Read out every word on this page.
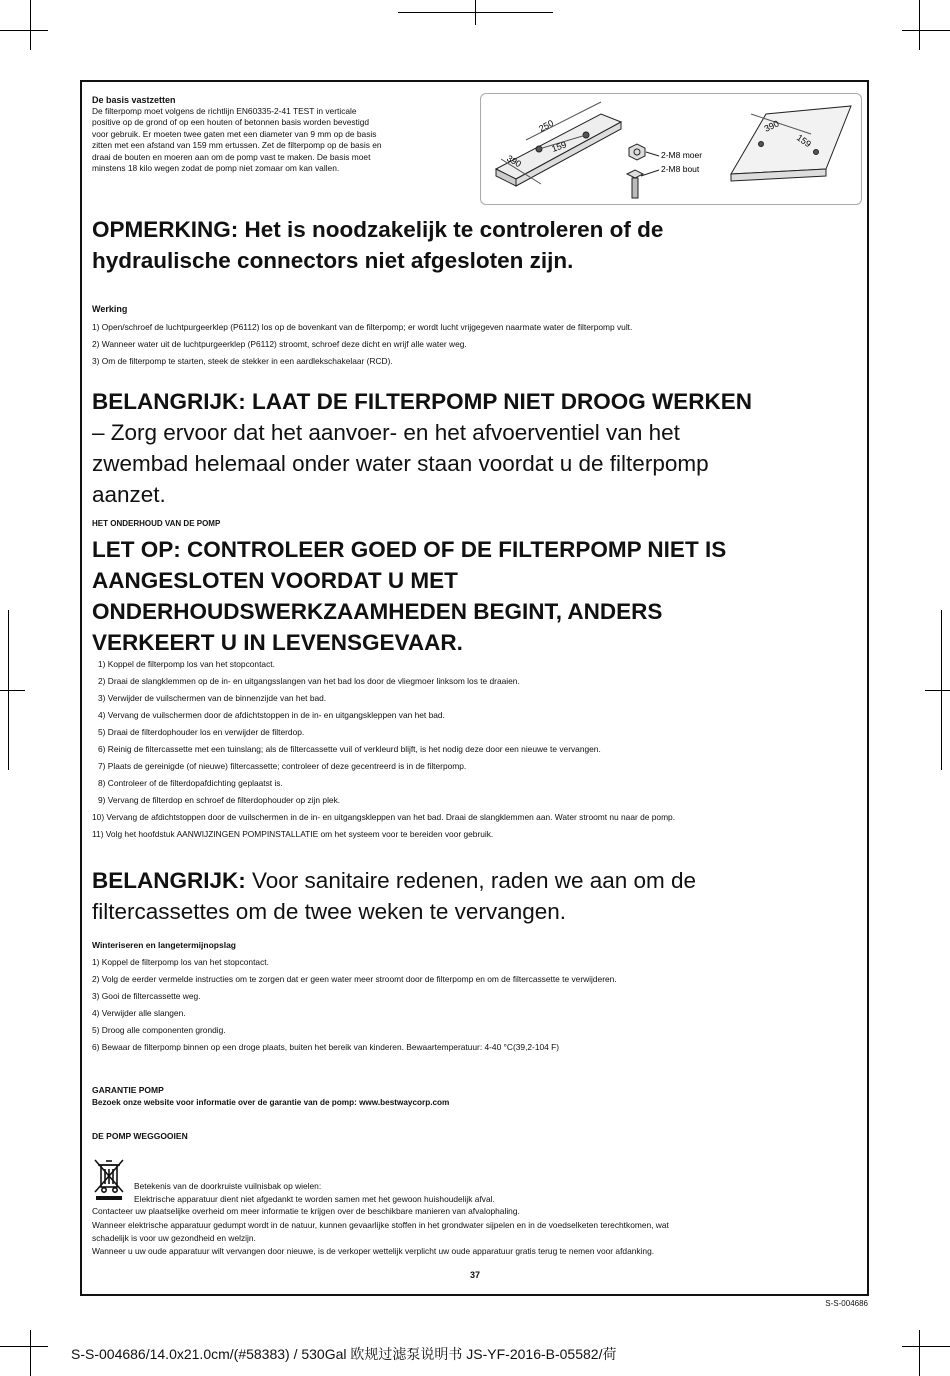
De basis vastzetten
De filterpomp moet volgens de richtlijn EN60335-2-41 TEST in verticale
positive op de grond of op een houten of betonnen basis worden bevestigd
voor gebruik. Er moeten twee gaten met een diameter van 9 mm op de basis
zitten met een afstand van 159 mm ertussen. Zet de filterpomp op de basis en
draai de bouten en moeren aan om de pomp vast te maken. De basis moet
minstens 18 kilo wegen zodat de pomp niet zomaar om kan vallen.
250
390
159
2-M8 moer
2-M8 bout
390
159
OPMERKING: Het is noodzakelijk te controleren of de
hydraulische connectors niet afgesloten zijn.
Werking
1) Open/schroef de luchtpurgeerklep (P6112) los op de bovenkant van de filterpomp; er wordt lucht vrijgegeven naarmate water de filterpomp vult.
2) Wanneer water uit de luchtpurgeerklep (P6112) stroomt, schroef deze dicht en wrijf alle water weg.
3) Om de filterpomp te starten, steek de stekker in een aardlekschakelaar (RCD).
BELANGRIJK: LAAT DE FILTERPOMP NIET DROOG WERKEN
– Zorg ervoor dat het aanvoer- en het afvoerventiel van het
zwembad helemaal onder water staan voordat u de filterpomp
aanzet.
HET ONDERHOUD VAN DE POMP
LET OP: CONTROLEER GOED OF DE FILTERPOMP NIET IS
AANGESLOTEN VOORDAT U MET
ONDERHOUDSWERKZAAMHEDEN BEGINT, ANDERS
VERKEERT U IN LEVENSGEVAAR.
1) Koppel de filterpomp los van het stopcontact.
2) Draai de slangklemmen op de in- en uitgangsslangen van het bad los door de vliegmoer linksom los te draaien.
3) Verwijder de vuilschermen van de binnenzijde van het bad.
4) Vervang de vuilschermen door de afdichtstoppen in de in- en uitgangskleppen van het bad.
5) Draai de filterdophouder los en verwijder de filterdop.
6) Reinig de filtercassette met een tuinslang; als de filtercassette vuil of verkleurd blijft, is het nodig deze door een nieuwe te vervangen.
7) Plaats de gereinigde (of nieuwe) filtercassette; controleer of deze gecentreerd is in de filterpomp.
8) Controleer of de filterdopafdichting geplaatst is.
9) Vervang de filterdop en schroef de filterdophouder op zijn plek.
10) Vervang de afdichtstoppen door de vuilschermen in de in- en uitgangskleppen van het bad. Draai de slangklemmen aan. Water stroomt nu naar de pomp.
11) Volg het hoofdstuk AANWIJZINGEN POMPINSTALLATIE om het systeem voor te bereiden voor gebruik.
BELANGRIJK: Voor sanitaire redenen, raden we aan om de
filtercassettes om de twee weken te vervangen.
Winteriseren en langetermijnopslag
1) Koppel de filterpomp los van het stopcontact.
2) Volg de eerder vermelde instructies om te zorgen dat er geen water meer stroomt door de filterpomp en om de filtercassette te verwijderen.
3) Gooi de filtercassette weg.
4) Verwijder alle slangen.
5) Droog alle componenten grondig.
6) Bewaar de filterpomp binnen op een droge plaats, buiten het bereik van kinderen. Bewaartemperatuur: 4-40 °C(39,2-104 F)
GARANTIE POMP
Bezoek onze website voor informatie over de garantie van de pomp: www.bestwaycorp.com
DE POMP WEGGOOIEN
Betekenis van de doorkruiste vuilnisbak op wielen:
Elektrische apparatuur dient niet afgedankt te worden samen met het gewoon huishoudelijk afval.
Contacteer uw plaatselijke overheid om meer informatie te krijgen over de beschikbare manieren van afvalophaling.
Wanneer elektrische apparatuur gedumpt wordt in de natuur, kunnen gevaarlijke stoffen in het grondwater sijpelen en in de voedselketen terechtkomen, wat
schadelijk is voor uw gezondheid en welzijn.
Wanneer u uw oude apparatuur wilt vervangen door nieuwe, is de verkoper wettelijk verplicht uw oude apparatuur gratis terug te nemen voor afdanking.
37
S-S-004686
S-S-004686/14.0x21.0cm/(#58383) / 530Gal 欧规过滤泵说明书 JS-YF-2016-B-05582/荷
